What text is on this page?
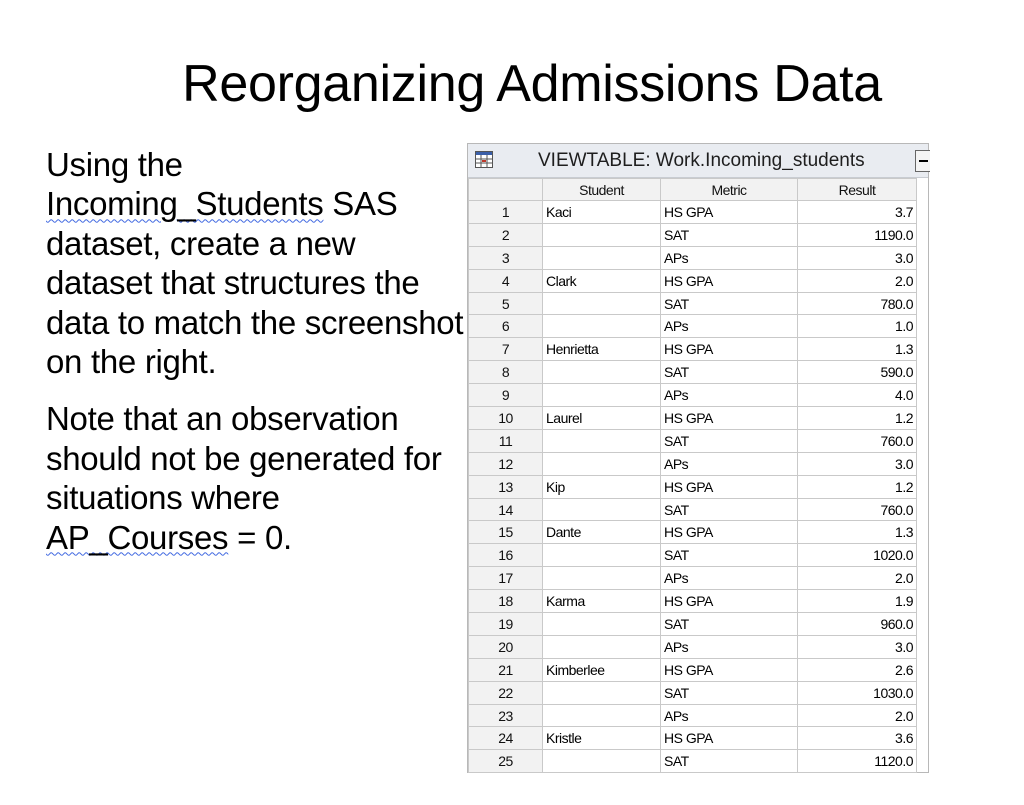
Reorganizing Admissions Data

Using the Incoming_Students SAS dataset, create a new dataset that structures the data to match the screenshot on the right.

Note that an observation should not be generated for situations where AP_Courses = 0.

VIEWTABLE: Work.Incoming_students
	Student	Metric	Result
1	Kaci	HS GPA	3.7
2		SAT	1190.0
3		APs	3.0
4	Clark	HS GPA	2.0
5		SAT	780.0
6		APs	1.0
7	Henrietta	HS GPA	1.3
8		SAT	590.0
9		APs	4.0
10	Laurel	HS GPA	1.2
11		SAT	760.0
12		APs	3.0
13	Kip	HS GPA	1.2
14		SAT	760.0
15	Dante	HS GPA	1.3
16		SAT	1020.0
17		APs	2.0
18	Karma	HS GPA	1.9
19		SAT	960.0
20		APs	3.0
21	Kimberlee	HS GPA	2.6
22		SAT	1030.0
23		APs	2.0
24	Kristle	HS GPA	3.6
25		SAT	1120.0
